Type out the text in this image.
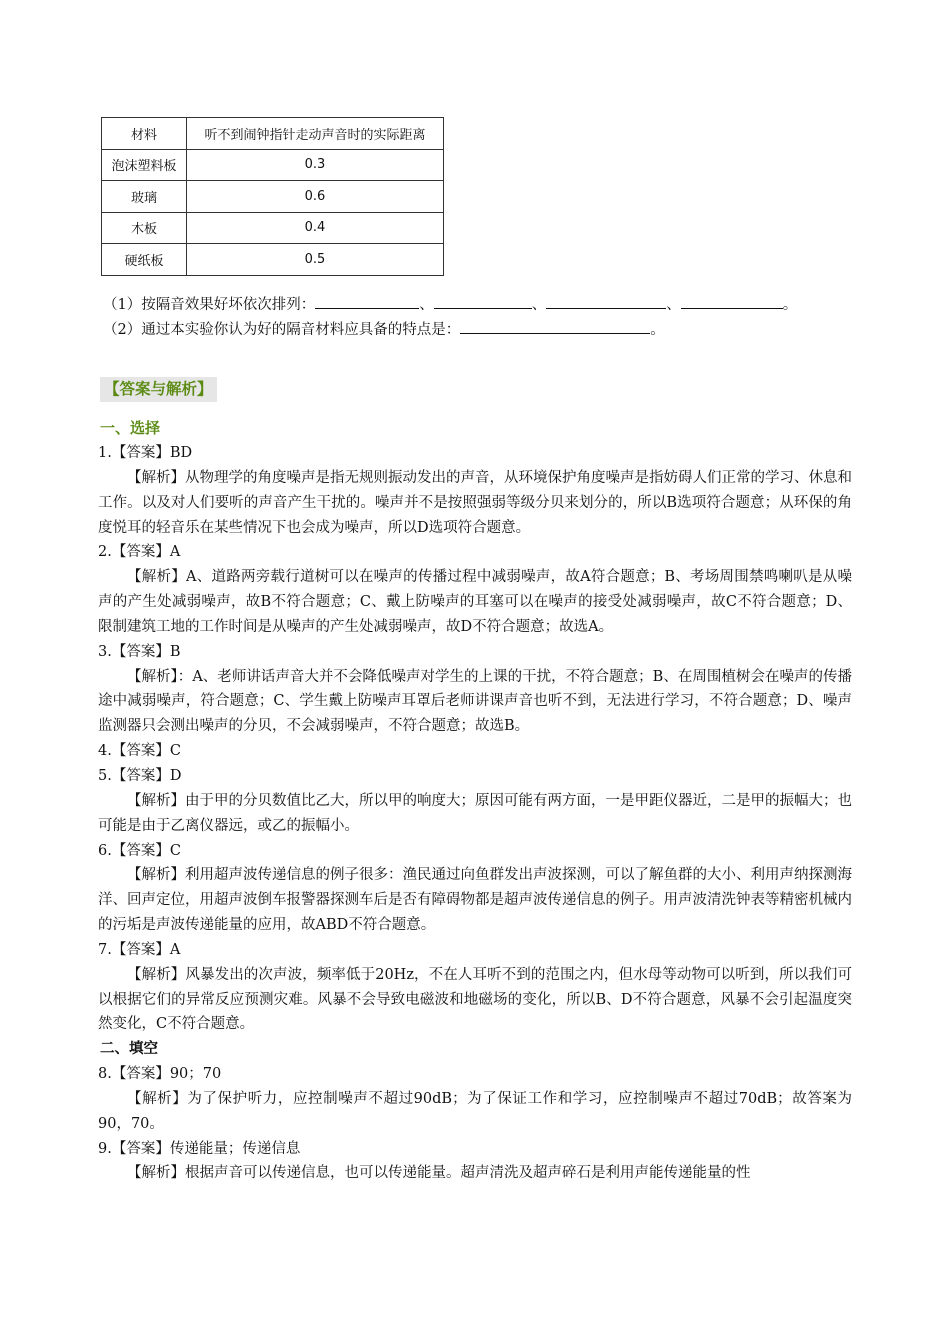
材料	听不到闹钟指针走动声音时的实际距离
泡沫塑料板	0.3
玻璃	0.6
木板	0.4
硬纸板	0.5
（1）按隔音效果好坏依次排列：	、	、	、	。
（2）通过本实验你认为好的隔音材料应具备的特点是：	。
【答案与解析】
一、选择

1.【答案】BD

【解析】从物理学的角度噪声是指无规则振动发出的声音，从环境保护角度噪声是指妨碍人们正常的学习、休息和工作。以及对人们要听的声音产生干扰的。噪声并不是按照强弱等级分贝来划分的，所以B选项符合题意；从环保的角度悦耳的轻音乐在某些情况下也会成为噪声，所以D选项符合题意。

2.【答案】A

【解析】A、道路两旁载行道树可以在噪声的传播过程中减弱噪声，故A符合题意；B、考场周围禁鸣喇叭是从噪声的产生处减弱噪声，故B不符合题意；C、戴上防噪声的耳塞可以在噪声的接受处减弱噪声，故C不符合题意；D、限制建筑工地的工作时间是从噪声的产生处减弱噪声，故D不符合题意；故选A。

3.【答案】B

【解析】：A、老师讲话声音大并不会降低噪声对学生的上课的干扰，不符合题意；B、在周围植树会在噪声的传播途中减弱噪声，符合题意；C、学生戴上防噪声耳罩后老师讲课声音也听不到，无法进行学习，不符合题意；D、噪声监测器只会测出噪声的分贝，不会减弱噪声，不符合题意；故选B。

4.【答案】C

5.【答案】D

【解析】由于甲的分贝数值比乙大，所以甲的响度大；原因可能有两方面，一是甲距仪器近，二是甲的振幅大；也可能是由于乙离仪器远，或乙的振幅小。

6.【答案】C

【解析】利用超声波传递信息的例子很多：渔民通过向鱼群发出声波探测，可以了解鱼群的大小、利用声纳探测海洋、回声定位，用超声波倒车报警器探测车后是否有障碍物都是超声波传递信息的例子。用声波清洗钟表等精密机械内的污垢是声波传递能量的应用，故ABD不符合题意。

7.【答案】A

【解析】风暴发出的次声波，频率低于20Hz，不在人耳听不到的范围之内，但水母等动物可以听到，所以我们可以根据它们的异常反应预测灾难。风暴不会导致电磁波和地磁场的变化，所以B、D不符合题意，风暴不会引起温度突然变化，C不符合题意。

二、填空

8.【答案】90；70

【解析】为了保护听力，应控制噪声不超过90dB；为了保证工作和学习，应控制噪声不超过70dB；故答案为 90，70。

9.【答案】传递能量；传递信息

【解析】根据声音可以传递信息，也可以传递能量。超声清洗及超声碎石是利用声能传递能量的性
